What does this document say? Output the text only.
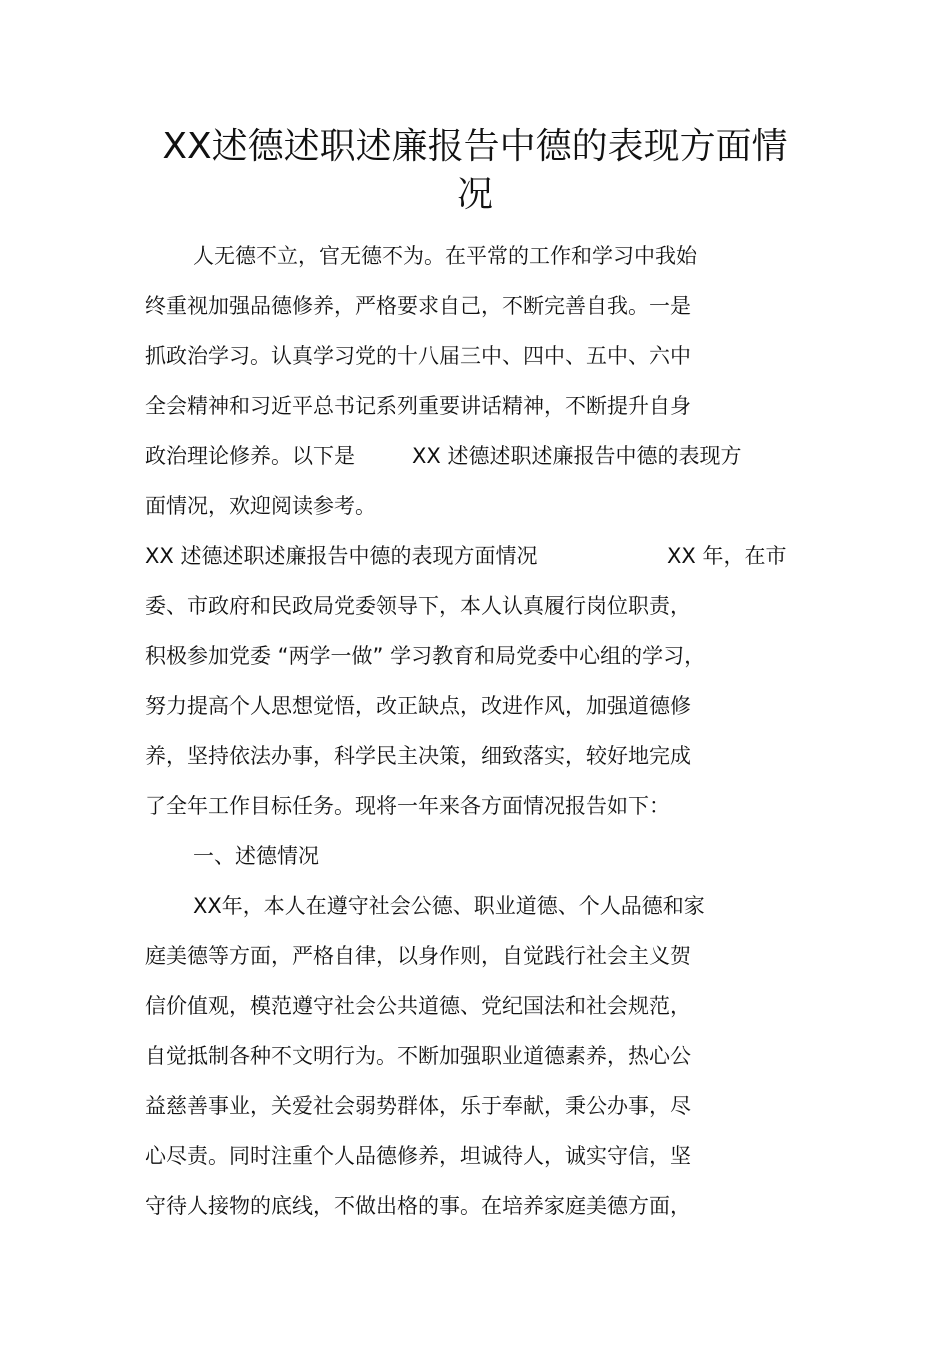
XX述德述职述廉报告中德的表现方面情
况
人无德不立，官无德不为。在平常的工作和学习中我始
终重视加强品德修养，严格要求自己，不断完善自我。一是
抓政治学习。认真学习党的十八届三中、四中、五中、六中
全会精神和习近平总书记系列重要讲话精神，不断提升自身
政治理论修养。以下是	XX 述德述职述廉报告中德的表现方
面情况，欢迎阅读参考。
XX 述德述职述廉报告中德的表现方面情况	XX 年，在市
委、市政府和民政局党委领导下，本人认真履行岗位职责，
积极参加党委 “两学一做” 学习教育和局党委中心组的学习，
努力提高个人思想觉悟，改正缺点，改进作风，加强道德修
养，坚持依法办事，科学民主决策，细致落实，较好地完成
了全年工作目标任务。现将一年来各方面情况报告如下：
一、述德情况
XX年，本人在遵守社会公德、职业道德、个人品德和家
庭美德等方面，严格自律，以身作则，自觉践行社会主义贺
信价值观，模范遵守社会公共道德、党纪国法和社会规范，
自觉抵制各种不文明行为。不断加强职业道德素养，热心公
益慈善事业，关爱社会弱势群体，乐于奉献，秉公办事，尽
心尽责。同时注重个人品德修养，坦诚待人，诚实守信，坚
守待人接物的底线，不做出格的事。在培养家庭美德方面，
